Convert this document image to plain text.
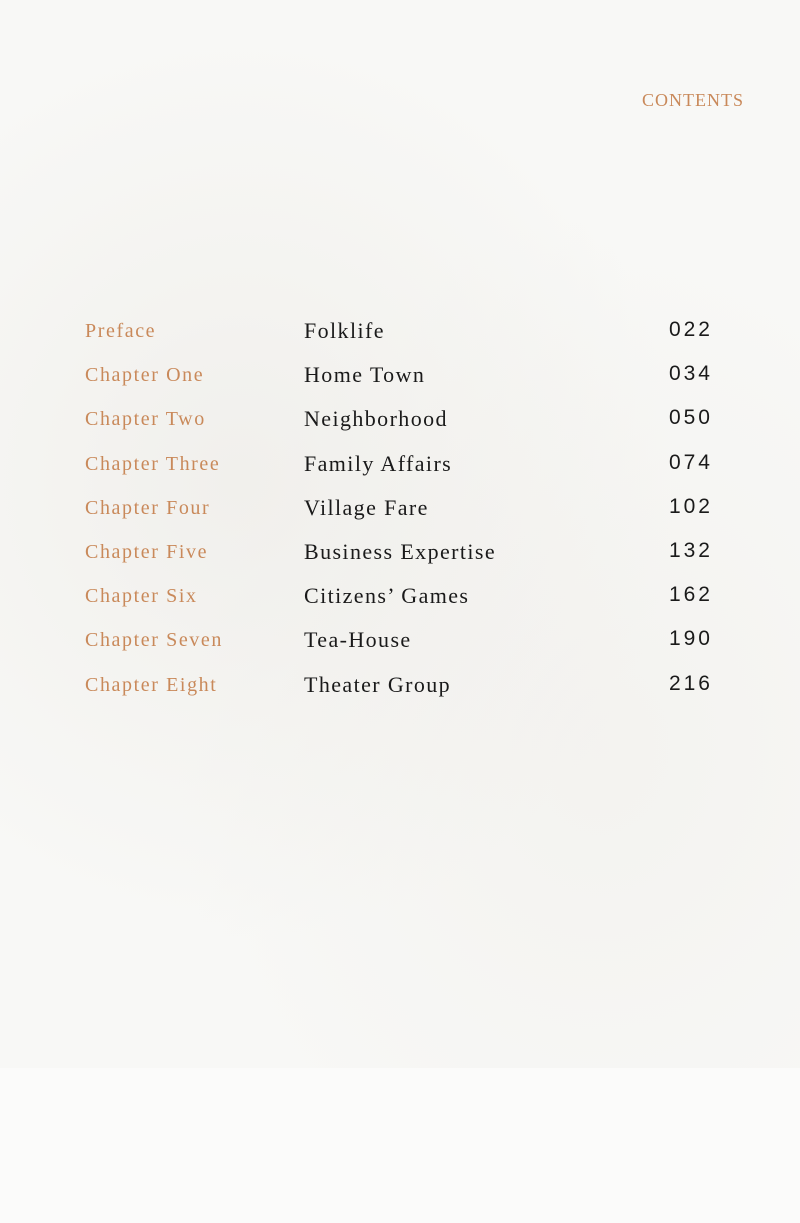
CONTENTS
Preface	Folklife	022
Chapter One	Home Town	034
Chapter Two	Neighborhood	050
Chapter Three	Family Affairs	074
Chapter Four	Village Fare	102
Chapter Five	Business Expertise	132
Chapter Six	Citizens’ Games	162
Chapter Seven	Tea-House	190
Chapter Eight	Theater Group	216
